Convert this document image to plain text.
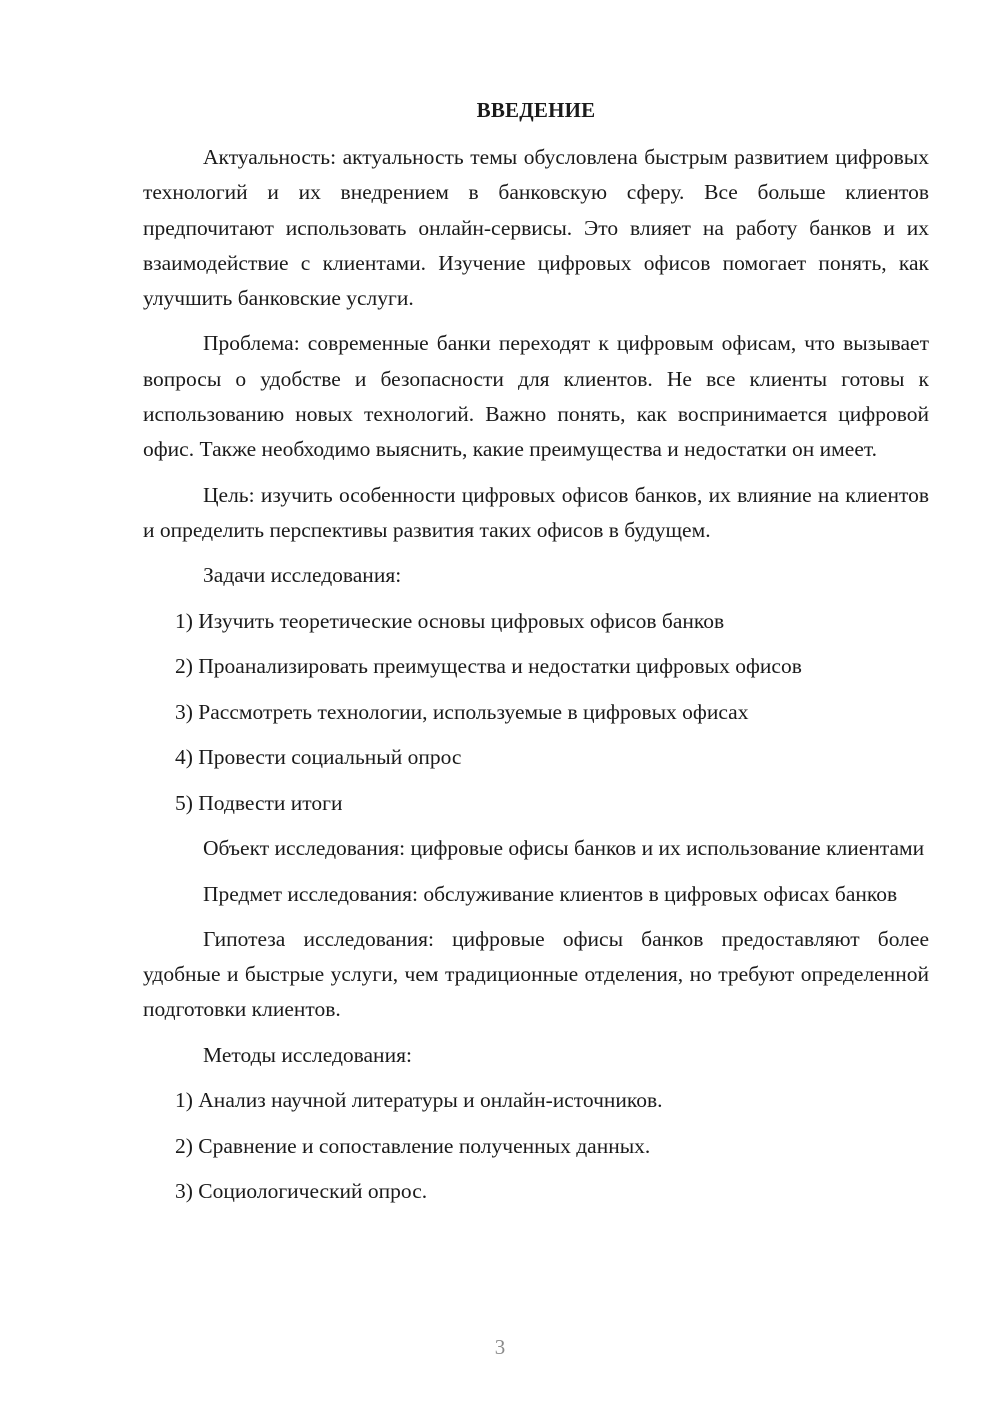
ВВЕДЕНИЕ

Актуальность: актуальность темы обусловлена быстрым развитием цифровых технологий и их внедрением в банковскую сферу. Все больше клиентов предпочитают использовать онлайн-сервисы. Это влияет на работу банков и их взаимодействие с клиентами. Изучение цифровых офисов помогает понять, как улучшить банковские услуги.

Проблема: современные банки переходят к цифровым офисам, что вызывает вопросы о удобстве и безопасности для клиентов. Не все клиенты готовы к использованию новых технологий. Важно понять, как воспринимается цифровой офис. Также необходимо выяснить, какие преимущества и недостатки он имеет.

Цель: изучить особенности цифровых офисов банков, их влияние на клиентов и определить перспективы развития таких офисов в будущем.

Задачи исследования:

1) Изучить теоретические основы цифровых офисов банков
2) Проанализировать преимущества и недостатки цифровых офисов
3) Рассмотреть технологии, используемые в цифровых офисах
4) Провести социальный опрос
5) Подвести итоги

Объект исследования: цифровые офисы банков и их использование клиентами

Предмет исследования: обслуживание клиентов в цифровых офисах банков

Гипотеза исследования: цифровые офисы банков предоставляют более удобные и быстрые услуги, чем традиционные отделения, но требуют определенной подготовки клиентов.

Методы исследования:

1) Анализ научной литературы и онлайн-источников.
2) Сравнение и сопоставление полученных данных.
3) Социологический опрос.
3
